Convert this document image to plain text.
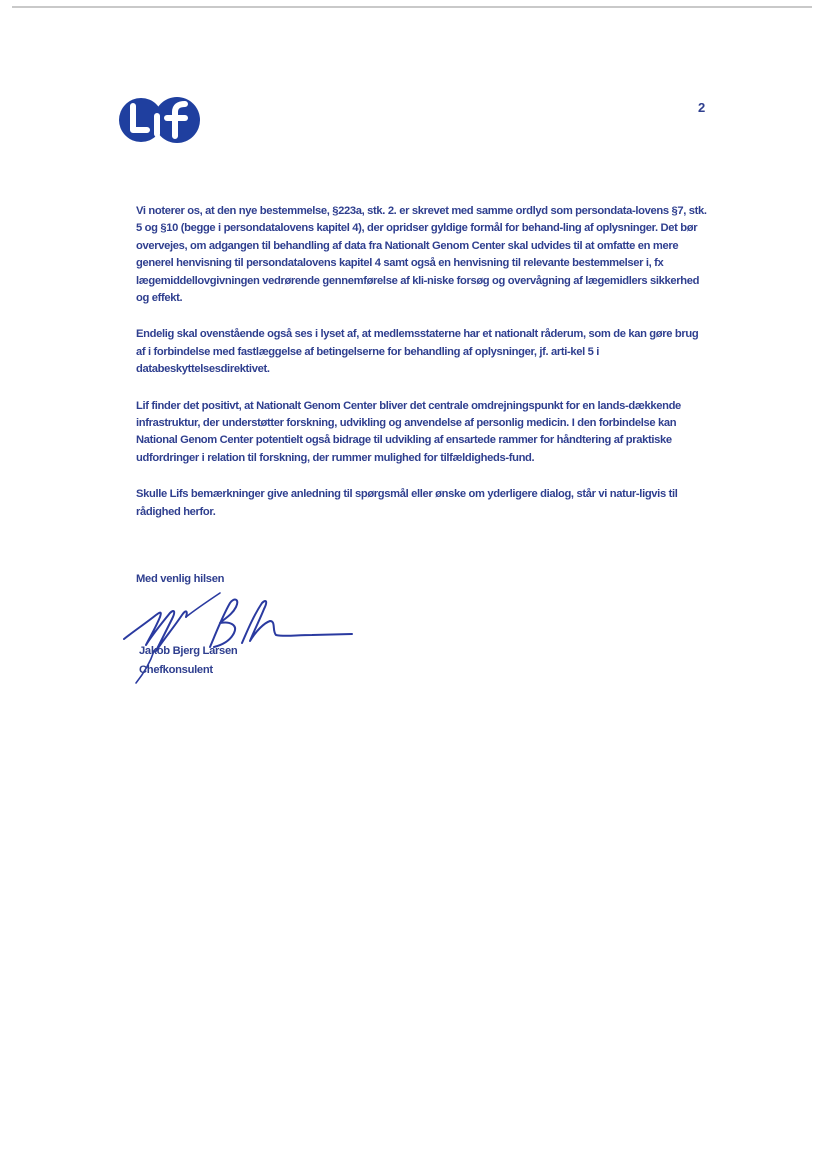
2

Vi noterer os, at den nye bestemmelse, §223a, stk. 2. er skrevet med samme ordlyd som persondata-lovens §7, stk. 5 og §10 (begge i persondatalovens kapitel 4), der opridser gyldige formål for behand-ling af oplysninger. Det bør overvejes, om adgangen til behandling af data fra Nationalt Genom Center skal udvides til at omfatte en mere generel henvisning til persondatalovens kapitel 4 samt også en henvisning til relevante bestemmelser i, fx lægemiddellovgivningen vedrørende gennemførelse af kli-niske forsøg og overvågning af lægemidlers sikkerhed og effekt.

Endelig skal ovenstående også ses i lyset af, at medlemsstaterne har et nationalt råderum, som de kan gøre brug af i forbindelse med fastlæggelse af betingelserne for behandling af oplysninger, jf. arti-kel 5 i databeskyttelsesdirektivet.

Lif finder det positivt, at Nationalt Genom Center bliver det centrale omdrejningspunkt for en lands-dækkende infrastruktur, der understøtter forskning, udvikling og anvendelse af personlig medicin. I den forbindelse kan National Genom Center potentielt også bidrage til udvikling af ensartede rammer for håndtering af praktiske udfordringer i relation til forskning, der rummer mulighed for tilfældigheds-fund.

Skulle Lifs bemærkninger give anledning til spørgsmål eller ønske om yderligere dialog, står vi natur-ligvis til rådighed herfor.

Med venlig hilsen
Jakob Bjerg Larsen
Chefkonsulent
